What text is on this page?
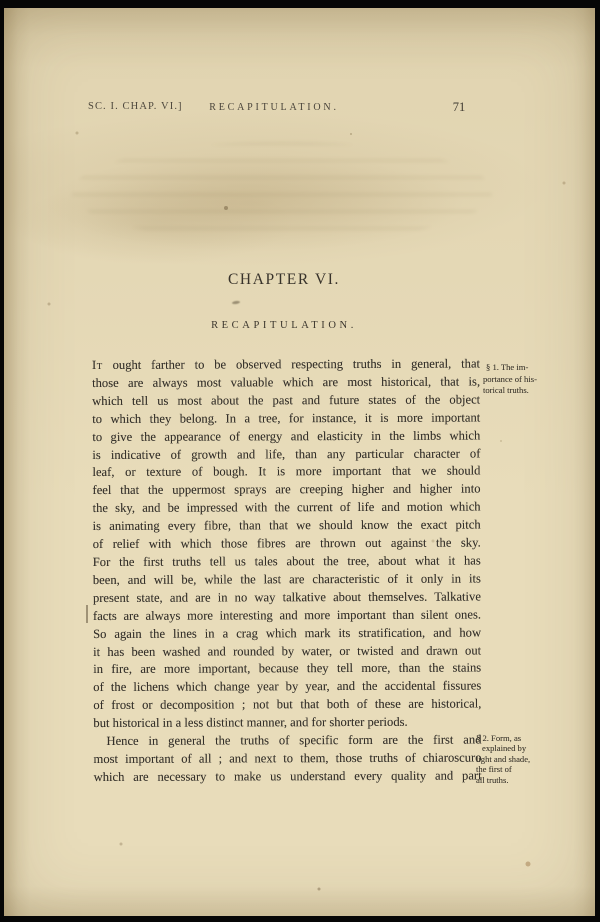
SC. I. CHAP. VI.]	RECAPITULATION.	71
CHAPTER VI.
RECAPITULATION.
It ought farther to be observed respecting truths in general, that
those are always most valuable which are most historical, that is,
which tell us most about the past and future states of the object
to which they belong. In a tree, for instance, it is more important
to give the appearance of energy and elasticity in the limbs which
is indicative of growth and life, than any particular character of
leaf, or texture of bough. It is more important that we should
feel that the uppermost sprays are creeping higher and higher into
the sky, and be impressed with the current of life and motion which
is animating every fibre, than that we should know the exact pitch
of relief with which those fibres are thrown out against the sky.
For the first truths tell us tales about the tree, about what it has
been, and will be, while the last are characteristic of it only in its
present state, and are in no way talkative about themselves. Talkative
facts are always more interesting and more important than silent ones.
So again the lines in a crag which mark its stratification, and how
it has been washed and rounded by water, or twisted and drawn out
in fire, are more important, because they tell more, than the stains
of the lichens which change year by year, and the accidental fissures
of frost or decomposition ; not but that both of these are historical,
but historical in a less distinct manner, and for shorter periods.
Hence in general the truths of specific form are the first and
most important of all ; and next to them, those truths of chiaroscuro
which are necessary to make us understand every quality and part
§ 1. The im-
portance of his-
torical truths.
§ 2. Form, as
explained by
light and shade,
the first of
all truths.
